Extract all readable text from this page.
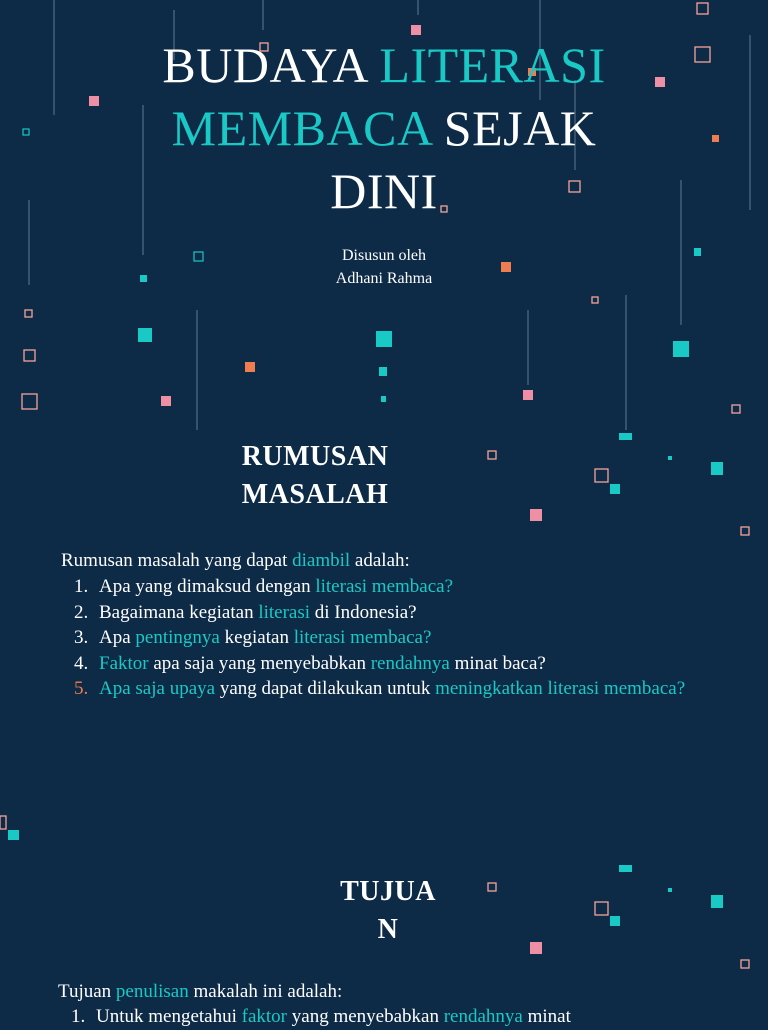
BUDAYA LITERASI
MEMBACA SEJAK
DINI

Disusun oleh
Adhani Rahma

RUMUSAN
MASALAH

Rumusan masalah yang dapat diambil adalah:

1. Apa yang dimaksud dengan literasi membaca?
2. Bagaimana kegiatan literasi di Indonesia?
3. Apa pentingnya kegiatan literasi membaca?
4. Faktor apa saja yang menyebabkan rendahnya minat baca?
5. Apa saja upaya yang dapat dilakukan untuk meningkatkan literasi membaca?
TUJUA
N

Tujuan penulisan makalah ini adalah:

1. Untuk mengetahui faktor yang menyebabkan rendahnya minat
